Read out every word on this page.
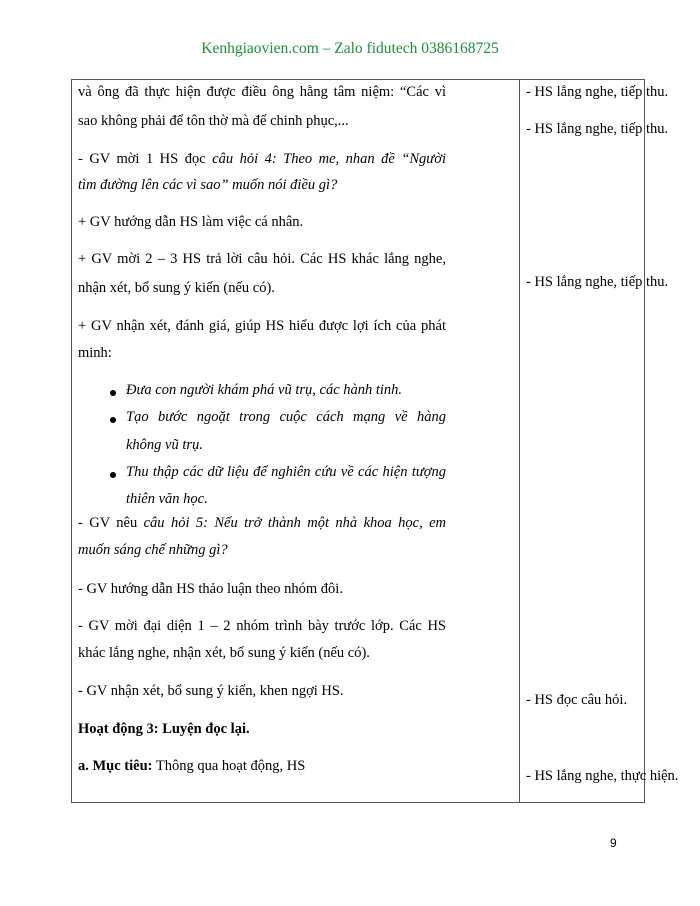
Kenhgiaovien.com – Zalo fidutech 0386168725
và ông đã thực hiện được điều ông hằng tâm niệm: “Các vì
sao không phải để tôn thờ mà để chinh phục,...
- GV mời 1 HS đọc câu hỏi 4: Theo me, nhan đề “Người
tìm đường lên các vì sao” muốn nói điều gì?
+ GV hướng dẫn HS làm việc cá nhân.
+ GV mời 2 – 3 HS trả lời câu hỏi. Các HS khác lắng nghe,
nhận xét, bổ sung ý kiến (nếu có).
+ GV nhận xét, đánh giá, giúp HS hiểu được lợi ích của phát
minh:
Đưa con người khám phá vũ trụ, các hành tinh.
Tạo bước ngoặt trong cuộc cách mạng về hàng
không vũ trụ.
Thu thập các dữ liệu để nghiên cứu về các hiện tượng
thiên văn học.
- GV nêu câu hỏi 5: Nếu trở thành một nhà khoa học, em
muốn sáng chế những gì?
- GV hướng dẫn HS thảo luận theo nhóm đôi.
- GV mời đại diện 1 – 2 nhóm trình bày trước lớp. Các HS
khác lắng nghe, nhận xét, bổ sung ý kiến (nếu có).
- GV nhận xét, bổ sung ý kiến, khen ngợi HS.
Hoạt động 3: Luyện đọc lại.
a. Mục tiêu: Thông qua hoạt động, HS
- HS lắng nghe, tiếp thu.
- HS lắng nghe, tiếp thu.
- HS lắng nghe, tiếp thu.
- HS đọc câu hỏi.
- HS lắng nghe, thực hiện.
9
